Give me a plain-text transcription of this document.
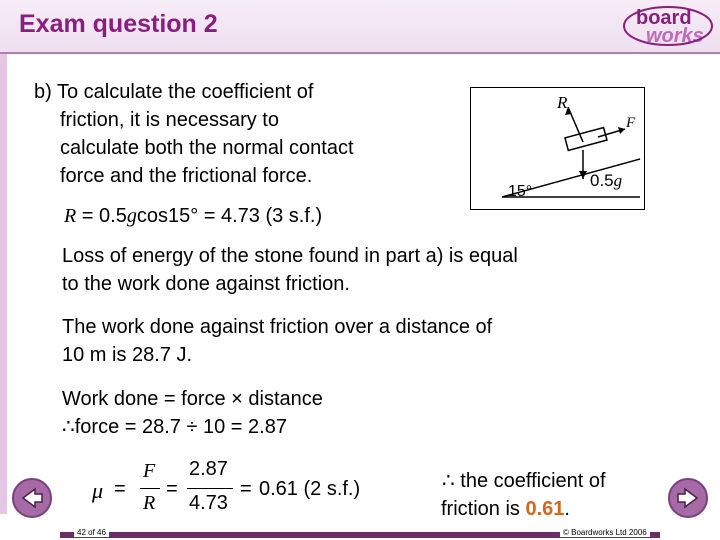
Exam question 2	board
works
b) To calculate the coefficient of
friction, it is necessary to
calculate both the normal contact
force and the frictional force.
R = 0.5gcos15° = 4.73 (3 s.f.)
R
F
15°
0.5g
Loss of energy of the stone found in part a) is equal
to the work done against friction.
The work done against friction over a distance of
10 m is 28.7 J.
Work done = force × distance
∴force = 28.7 ÷ 10 = 2.87
μ =
F
R
=
2.87
4.73
= 0.61 (2 s.f.)	∴ the coefficient of
friction is 0.61.
42 of 46	© Boardworks Ltd 2006
